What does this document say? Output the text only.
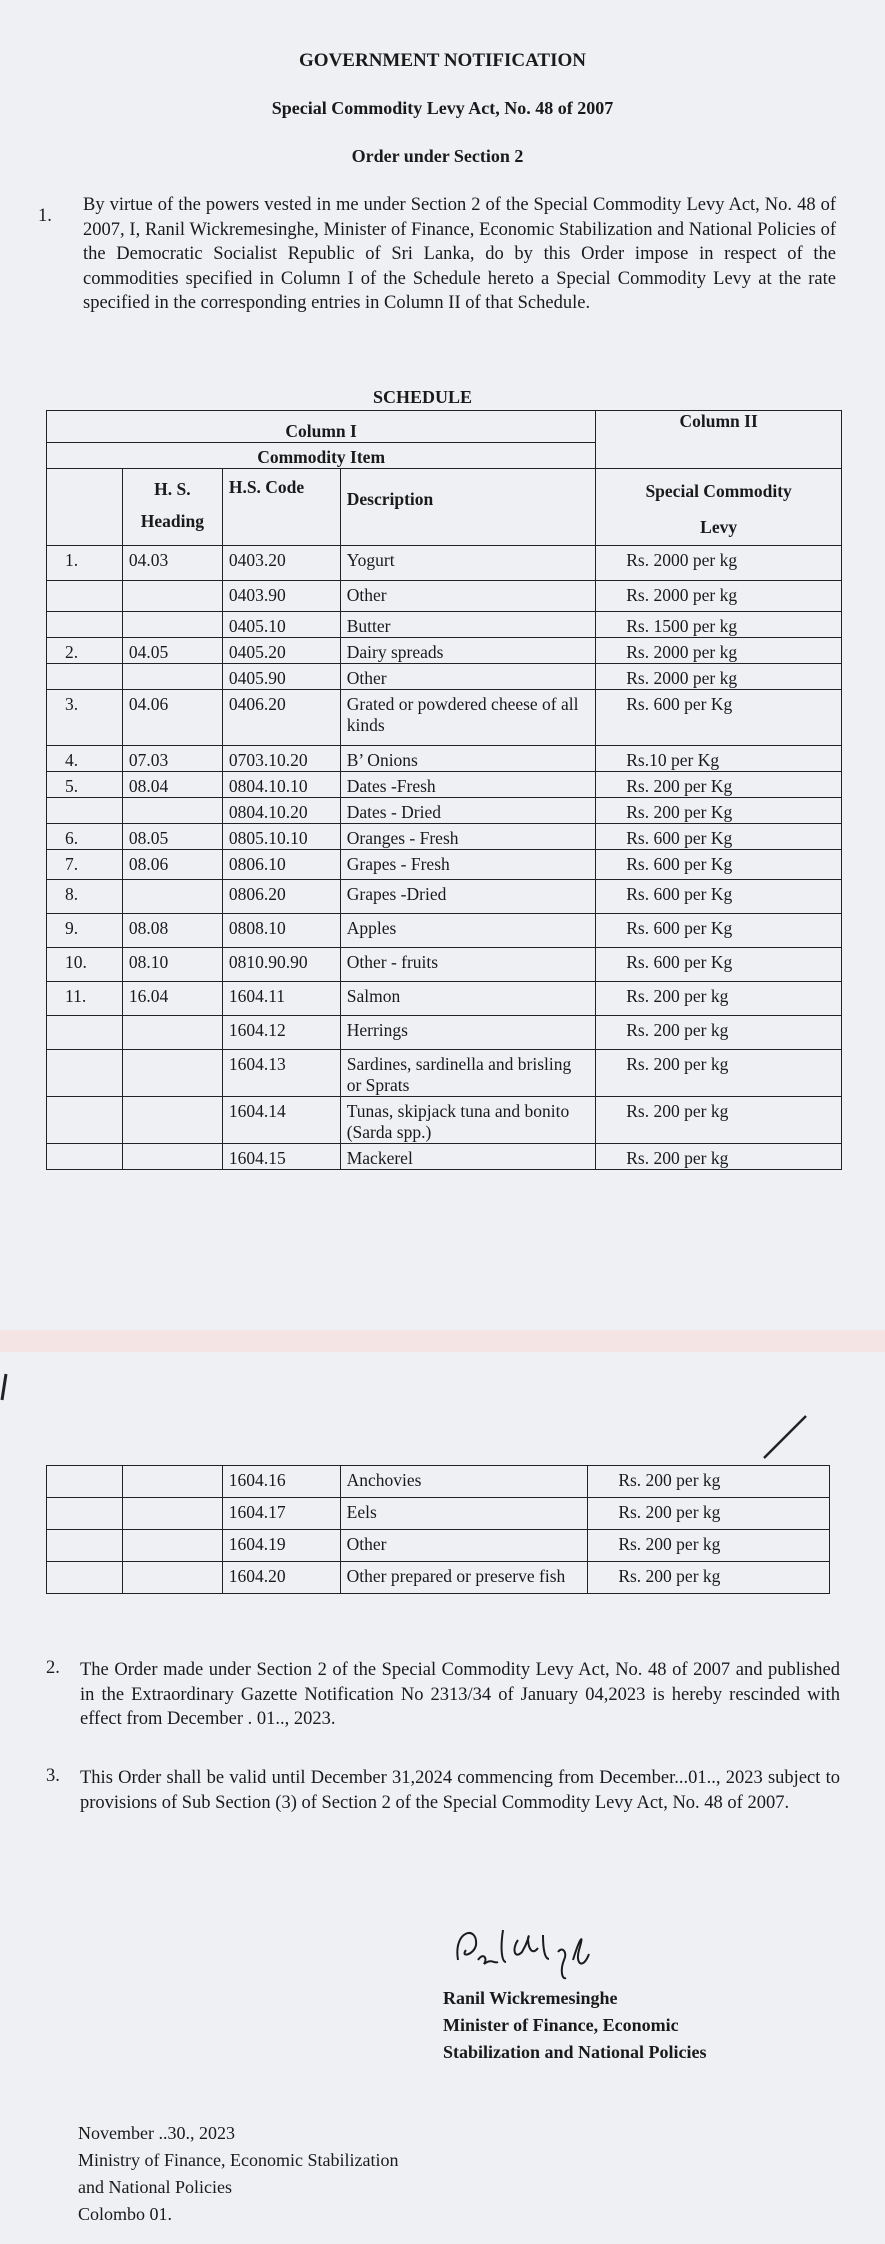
GOVERNMENT NOTIFICATION
Special Commodity Levy Act, No. 48 of 2007
Order under Section 2
1.
By virtue of the powers vested in me under Section 2 of the Special Commodity Levy Act, No. 48 of 2007, I, Ranil Wickremesinghe, Minister of Finance, Economic Stabilization and National Policies of the Democratic Socialist Republic of Sri Lanka, do by this Order impose in respect of the commodities specified in Column I of the Schedule hereto a Special Commodity Levy at the rate specified in the corresponding entries in Column II of that Schedule.
SCHEDULE
Column I				Column II
Commodity Item				
	H. S. Heading	H.S. Code	Description	Special Commodity Levy
1.	04.03	0403.20	Yogurt	Rs. 2000 per kg
		0403.90	Other	Rs. 2000 per kg
		0405.10	Butter	Rs. 1500 per kg
2.	04.05	0405.20	Dairy spreads	Rs. 2000 per kg
		0405.90	Other	Rs. 2000 per kg
3.	04.06	0406.20	Grated or powdered cheese of all kinds	Rs. 600 per Kg
4.	07.03	0703.10.20	B’ Onions	Rs.10 per Kg
5.	08.04	0804.10.10	Dates -Fresh	Rs. 200 per Kg
		0804.10.20	Dates - Dried	Rs. 200 per Kg
6.	08.05	0805.10.10	Oranges - Fresh	Rs. 600 per Kg
7.	08.06	0806.10	Grapes - Fresh	Rs. 600 per Kg
8.		0806.20	Grapes -Dried	Rs. 600 per Kg
9.	08.08	0808.10	Apples	Rs. 600 per Kg
10.	08.10	0810.90.90	Other - fruits	Rs. 600 per Kg
11.	16.04	1604.11	Salmon	Rs. 200 per kg
		1604.12	Herrings	Rs. 200 per kg
		1604.13	Sardines, sardinella and brisling or Sprats	Rs. 200 per kg
		1604.14	Tunas, skipjack tuna and bonito (Sarda spp.)	Rs. 200 per kg
		1604.15	Mackerel	Rs. 200 per kg
		1604.16	Anchovies	Rs. 200 per kg
		1604.17	Eels	Rs. 200 per kg
		1604.19	Other	Rs. 200 per kg
		1604.20	Other prepared or preserve fish	Rs. 200 per kg
2. The Order made under Section 2 of the Special Commodity Levy Act, No. 48 of 2007 and published in the Extraordinary Gazette Notification No 2313/34 of January 04,2023 is hereby rescinded with effect from December . 01.., 2023.
3. This Order shall be valid until December 31,2024 commencing from December...01.., 2023 subject to provisions of Sub Section (3) of Section 2 of the Special Commodity Levy Act, No. 48 of 2007.
Ranil Wickremesinghe
Minister of Finance, Economic
Stabilization and National Policies
November ..30., 2023
Ministry of Finance, Economic Stabilization
and National Policies
Colombo 01.
